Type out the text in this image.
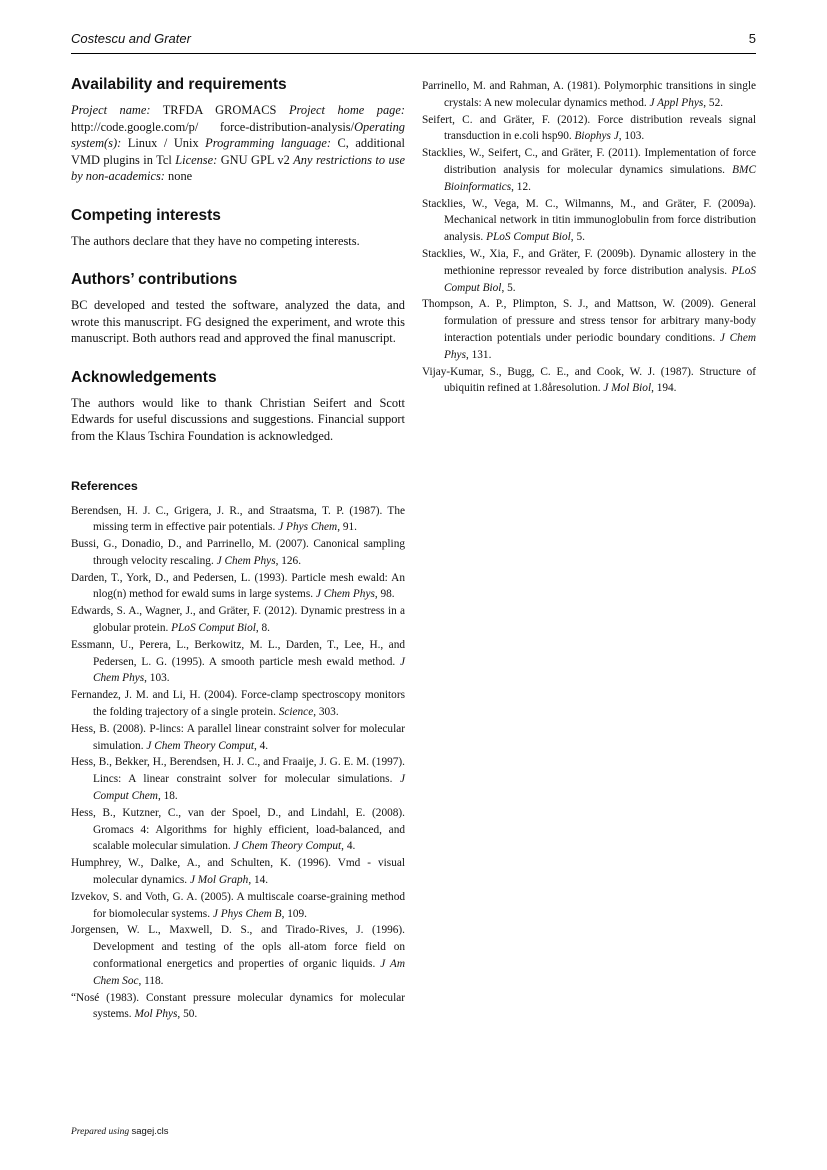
Costescu and Grater	5
Availability and requirements

Project name: TRFDA GROMACS Project home page: http://code.google.com/p/ force-distribution-analysis/Operating system(s): Linux / Unix Programming language: C, additional VMD plugins in Tcl License: GNU GPL v2 Any restrictions to use by non-academics: none

Competing interests

The authors declare that they have no competing interests.

Authors’ contributions

BC developed and tested the software, analyzed the data, and wrote this manuscript. FG designed the experiment, and wrote this manuscript. Both authors read and approved the final manuscript.

Acknowledgements

The authors would like to thank Christian Seifert and Scott Edwards for useful discussions and suggestions. Financial support from the Klaus Tschira Foundation is acknowledged.

References
Berendsen, H. J. C., Grigera, J. R., and Straatsma, T. P. (1987). The missing term in effective pair potentials. J Phys Chem, 91.
Bussi, G., Donadio, D., and Parrinello, M. (2007). Canonical sampling through velocity rescaling. J Chem Phys, 126.
Darden, T., York, D., and Pedersen, L. (1993). Particle mesh ewald: An nlog(n) method for ewald sums in large systems. J Chem Phys, 98.
Edwards, S. A., Wagner, J., and Gräter, F. (2012). Dynamic prestress in a globular protein. PLoS Comput Biol, 8.
Essmann, U., Perera, L., Berkowitz, M. L., Darden, T., Lee, H., and Pedersen, L. G. (1995). A smooth particle mesh ewald method. J Chem Phys, 103.
Fernandez, J. M. and Li, H. (2004). Force-clamp spectroscopy monitors the folding trajectory of a single protein. Science, 303.
Hess, B. (2008). P-lincs: A parallel linear constraint solver for molecular simulation. J Chem Theory Comput, 4.
Hess, B., Bekker, H., Berendsen, H. J. C., and Fraaije, J. G. E. M. (1997). Lincs: A linear constraint solver for molecular simulations. J Comput Chem, 18.
Hess, B., Kutzner, C., van der Spoel, D., and Lindahl, E. (2008). Gromacs 4: Algorithms for highly efficient, load-balanced, and scalable molecular simulation. J Chem Theory Comput, 4.
Humphrey, W., Dalke, A., and Schulten, K. (1996). Vmd - visual molecular dynamics. J Mol Graph, 14.
Izvekov, S. and Voth, G. A. (2005). A multiscale coarse-graining method for biomolecular systems. J Phys Chem B, 109.
Jorgensen, W. L., Maxwell, D. S., and Tirado-Rives, J. (1996). Development and testing of the opls all-atom force field on conformational energetics and properties of organic liquids. J Am Chem Soc, 118.
“Nosé (1983). Constant pressure molecular dynamics for molecular systems. Mol Phys, 50.
Parrinello, M. and Rahman, A. (1981). Polymorphic transitions in single crystals: A new molecular dynamics method. J Appl Phys, 52.
Seifert, C. and Gräter, F. (2012). Force distribution reveals signal transduction in e.coli hsp90. Biophys J, 103.
Stacklies, W., Seifert, C., and Gräter, F. (2011). Implementation of force distribution analysis for molecular dynamics simulations. BMC Bioinformatics, 12.
Stacklies, W., Vega, M. C., Wilmanns, M., and Gräter, F. (2009a). Mechanical network in titin immunoglobulin from force distribution analysis. PLoS Comput Biol, 5.
Stacklies, W., Xia, F., and Gräter, F. (2009b). Dynamic allostery in the methionine repressor revealed by force distribution analysis. PLoS Comput Biol, 5.
Thompson, A. P., Plimpton, S. J., and Mattson, W. (2009). General formulation of pressure and stress tensor for arbitrary many-body interaction potentials under periodic boundary conditions. J Chem Phys, 131.
Vijay-Kumar, S., Bugg, C. E., and Cook, W. J. (1987). Structure of ubiquitin refined at 1.8åresolution. J Mol Biol, 194.
Prepared using sagej.cls
